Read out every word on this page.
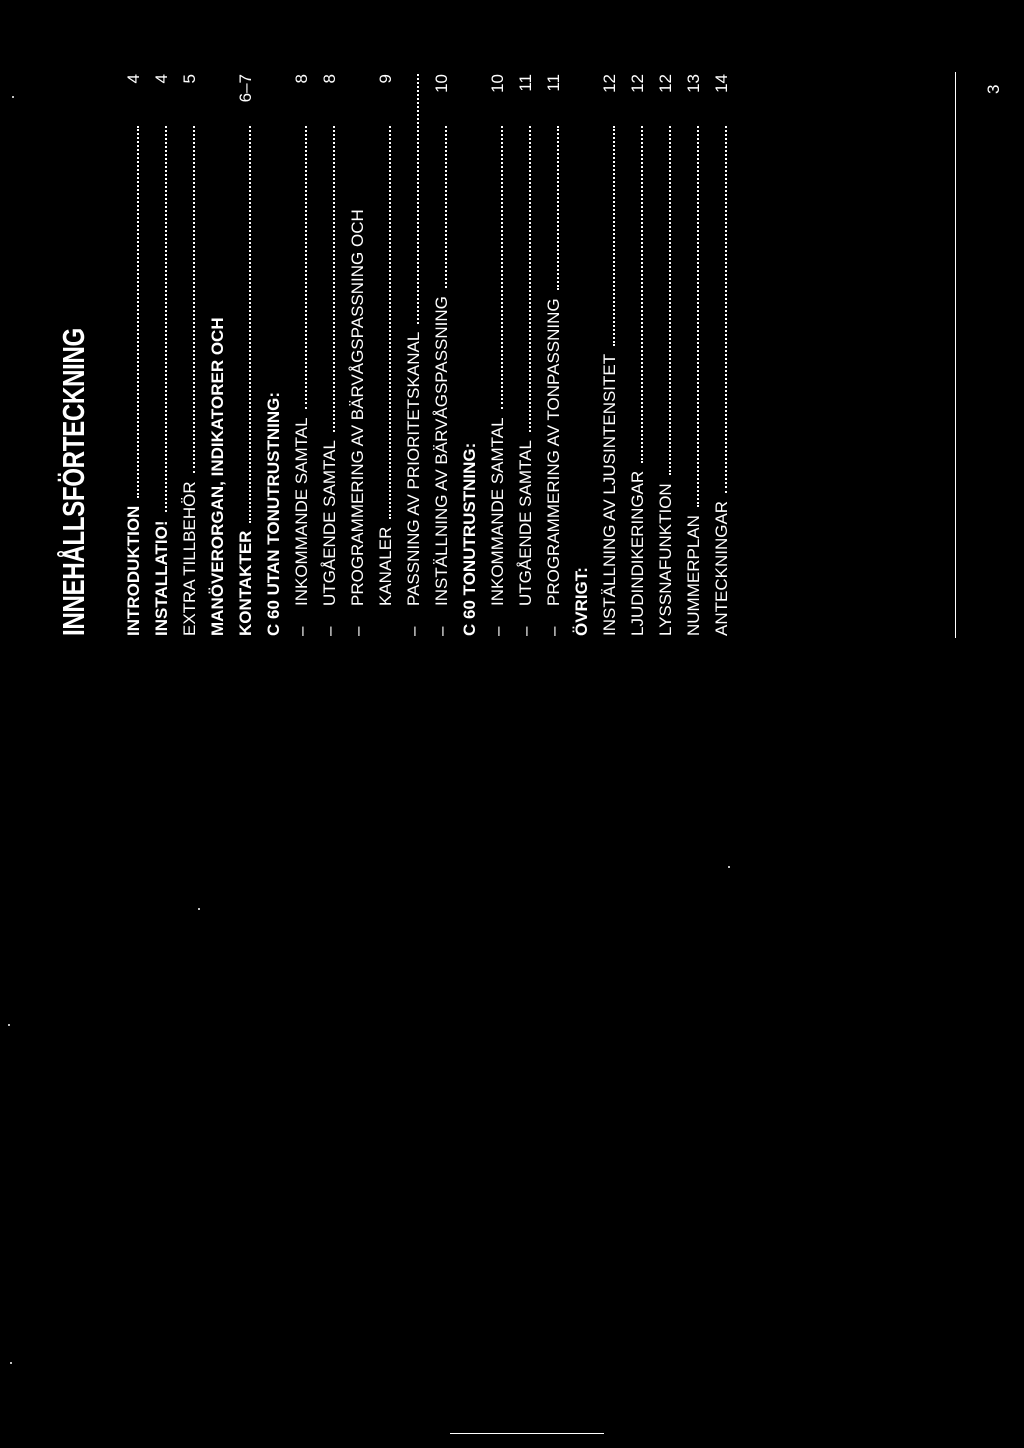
INNEHÅLLSFÖRTECKNING INTRODUKTION
4
INSTALLATIO!
4
EXTRA TILLBEHÖR
5
MANÖVERORGAN, INDIKATORER OCH KONTAKTER
6–7
C 60 UTAN TONUTRUSTNING: –
INKOMMANDE SAMTAL
8
–
UTGÅENDE SAMTAL
8
–
PROGRAMMERING AV BÄRVÅGSPASSNING OCH KANALER
9
–
PASSNING AV PRIORITETSKANAL
–
INSTÄLLNING AV BÄRVÅGSPASSNING
10
C 60 TONUTRUSTNING: –
INKOMMANDE SAMTAL
10
–
UTGÅENDE SAMTAL
11
–
PROGRAMMERING AV TONPASSNING
11
ÖVRIGT: INSTÄLLNING AV LJUSINTENSITET
12
LJUDINDIKERINGAR
12
LYSSNAFUNKTION
12
NUMMERPLAN
13
ANTECKNINGAR
14	3
